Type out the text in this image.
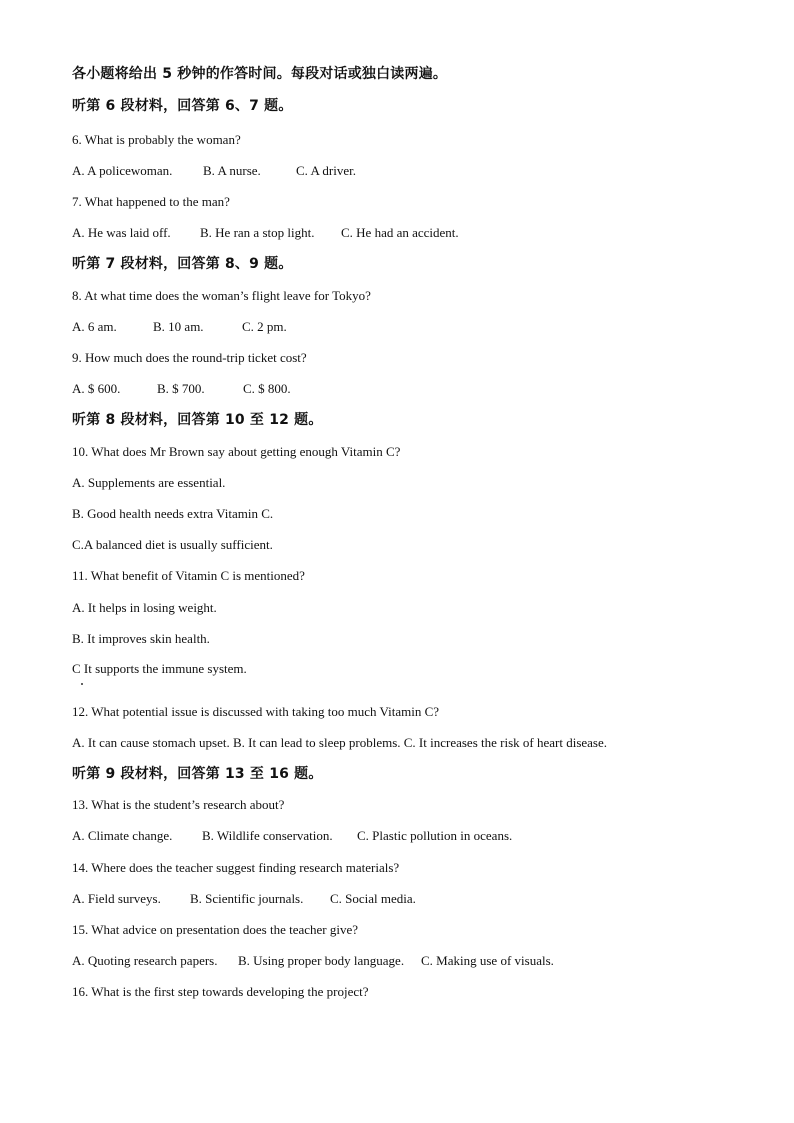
各小题将给出 5 秒钟的作答时间。每段对话或独白读两遍。
听第 6 段材料，回答第 6、7 题。
6. What is probably the woman?
A. A policewoman. B. A nurse.	C. A driver.
7. What happened to the man?
A. He was laid off. B. He ran a stop light. C. He had an accident.
听第 7 段材料，回答第 8、9 题。
8. At what time does the woman’s flight leave for Tokyo?
A. 6 am.	B. 10 am.	C. 2 pm.
9. How much does the round-trip ticket cost?
A. $ 600.	B. $ 700.	C. $ 800.
听第 8 段材料，回答第 10 至 12 题。
10. What does Mr Brown say about getting enough Vitamin C?
A. Supplements are essential.
B. Good health needs extra Vitamin C.
C.A balanced diet is usually sufficient.
11. What benefit of Vitamin C is mentioned?
A. It helps in losing weight.
B. It improves skin health.
C It supports the immune system.
12. What potential issue is discussed with taking too much Vitamin C?
A. It can cause stomach upset. B. It can lead to sleep problems. C. It increases the risk of heart disease.
听第 9 段材料，回答第 13 至 16 题。
13. What is the student’s research about?
A. Climate change. B. Wildlife conservation. C. Plastic pollution in oceans.
14. Where does the teacher suggest finding research materials?
A. Field surveys. B. Scientific journals. C. Social media.
15. What advice on presentation does the teacher give?
A. Quoting research papers. B. Using proper body language. C. Making use of visuals.
16. What is the first step towards developing the project?
